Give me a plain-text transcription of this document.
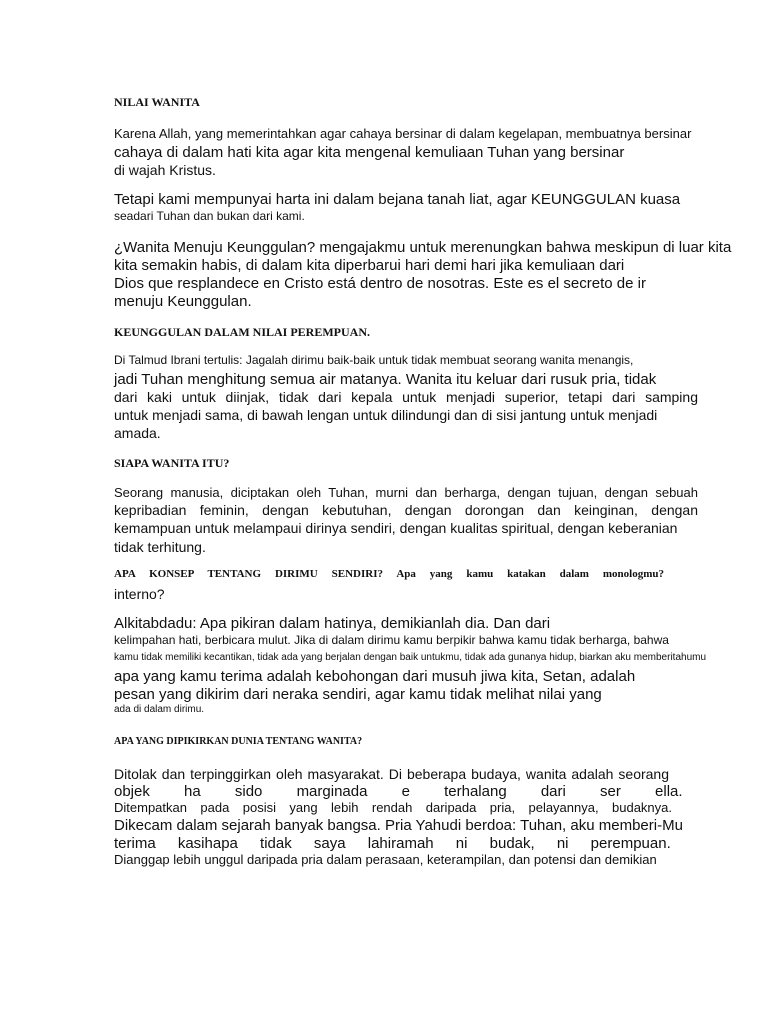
NILAI WANITA
Karena Allah, yang memerintahkan agar cahaya bersinar di dalam kegelapan, membuatnya bersinar
cahaya di dalam hati kita agar kita mengenal kemuliaan Tuhan yang bersinar
di wajah Kristus.
Tetapi kami mempunyai harta ini dalam bejana tanah liat, agar KEUNGGULAN kuasa
seadari Tuhan dan bukan dari kami.
¿Wanita Menuju Keunggulan? mengajakmu untuk merenungkan bahwa meskipun di luar kita
kita semakin habis, di dalam kita diperbarui hari demi hari jika kemuliaan dari
Dios que resplandece en Cristo está dentro de nosotras. Este es el secreto de ir
menuju Keunggulan.
KEUNGGULAN DALAM NILAI PEREMPUAN.
Di Talmud Ibrani tertulis: Jagalah dirimu baik-baik untuk tidak membuat seorang wanita menangis,
jadi Tuhan menghitung semua air matanya. Wanita itu keluar dari rusuk pria, tidak
dari kaki untuk diinjak, tidak dari kepala untuk menjadi superior, tetapi dari samping
untuk menjadi sama, di bawah lengan untuk dilindungi dan di sisi jantung untuk menjadi
amada.
SIAPA WANITA ITU?
Seorang manusia, diciptakan oleh Tuhan, murni dan berharga, dengan tujuan, dengan sebuah
kepribadian feminin, dengan kebutuhan, dengan dorongan dan keinginan, dengan
kemampuan untuk melampaui dirinya sendiri, dengan kualitas spiritual, dengan keberanian
tidak terhitung.
APA KONSEP TENTANG DIRIMU SENDIRI? Apa yang kamu katakan dalam monologmu?
interno?
Alkitabdadu: Apa pikiran dalam hatinya, demikianlah dia. Dan dari
kelimpahan hati, berbicara mulut. Jika di dalam dirimu kamu berpikir bahwa kamu tidak berharga, bahwa
kamu tidak memiliki kecantikan, tidak ada yang berjalan dengan baik untukmu, tidak ada gunanya hidup, biarkan aku memberitahumu
apa yang kamu terima adalah kebohongan dari musuh jiwa kita, Setan, adalah
pesan yang dikirim dari neraka sendiri, agar kamu tidak melihat nilai yang
ada di dalam dirimu.
APA YANG DIPIKIRKAN DUNIA TENTANG WANITA?
Ditolak dan terpinggirkan oleh masyarakat. Di beberapa budaya, wanita adalah seorang
objek ha sido marginada e terhalang dari ser ella.
Ditempatkan pada posisi yang lebih rendah daripada pria, pelayannya, budaknya.
Dikecam dalam sejarah banyak bangsa. Pria Yahudi berdoa: Tuhan, aku memberi-Mu
terima kasihapa tidak saya lahiramah ni budak, ni perempuan.
Dianggap lebih unggul daripada pria dalam perasaan, keterampilan, dan potensi dan demikian
